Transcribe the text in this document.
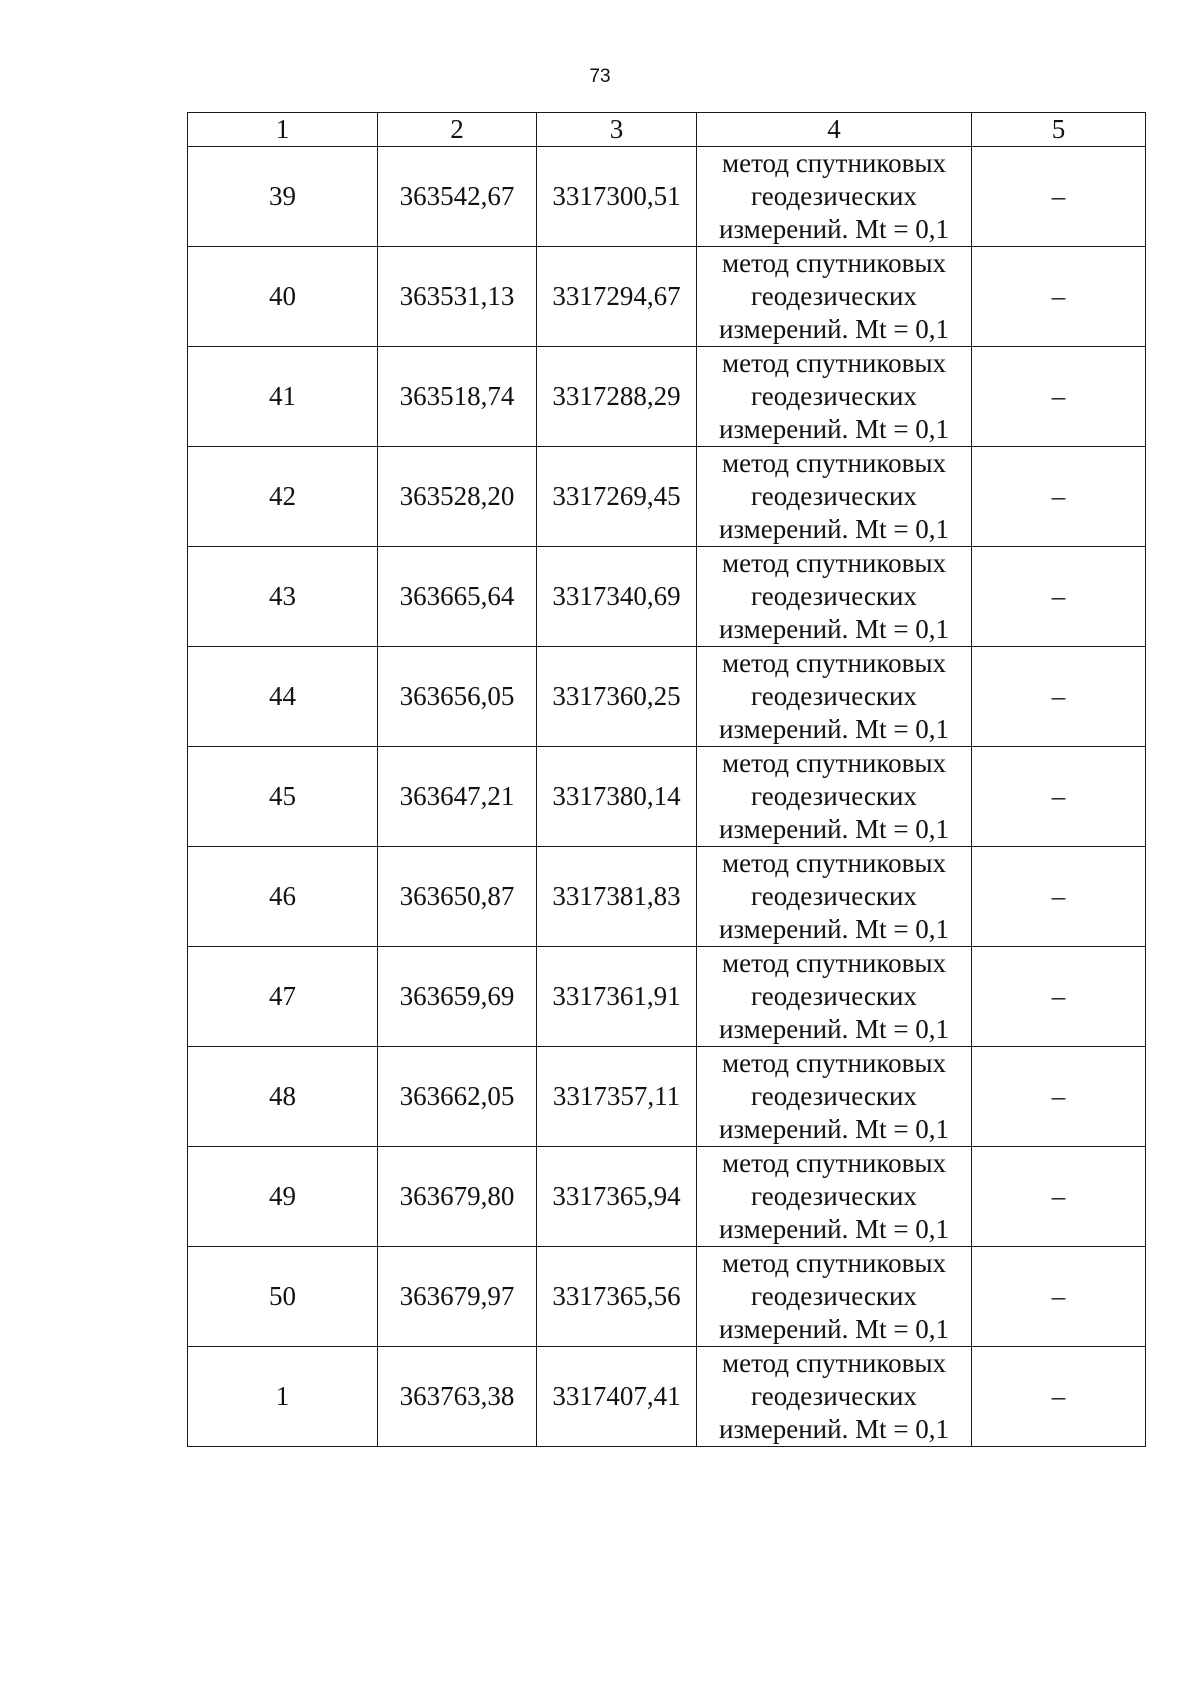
73
1	2	3	4	5
39	363542,67	3317300,51	метод спутниковых
геодезических
измерений. Mt = 0,1	–
40	363531,13	3317294,67	метод спутниковых
геодезических
измерений. Mt = 0,1	–
41	363518,74	3317288,29	метод спутниковых
геодезических
измерений. Mt = 0,1	–
42	363528,20	3317269,45	метод спутниковых
геодезических
измерений. Mt = 0,1	–
43	363665,64	3317340,69	метод спутниковых
геодезических
измерений. Mt = 0,1	–
44	363656,05	3317360,25	метод спутниковых
геодезических
измерений. Mt = 0,1	–
45	363647,21	3317380,14	метод спутниковых
геодезических
измерений. Mt = 0,1	–
46	363650,87	3317381,83	метод спутниковых
геодезических
измерений. Mt = 0,1	–
47	363659,69	3317361,91	метод спутниковых
геодезических
измерений. Mt = 0,1	–
48	363662,05	3317357,11	метод спутниковых
геодезических
измерений. Mt = 0,1	–
49	363679,80	3317365,94	метод спутниковых
геодезических
измерений. Mt = 0,1	–
50	363679,97	3317365,56	метод спутниковых
геодезических
измерений. Mt = 0,1	–
1	363763,38	3317407,41	метод спутниковых
геодезических
измерений. Mt = 0,1	–
